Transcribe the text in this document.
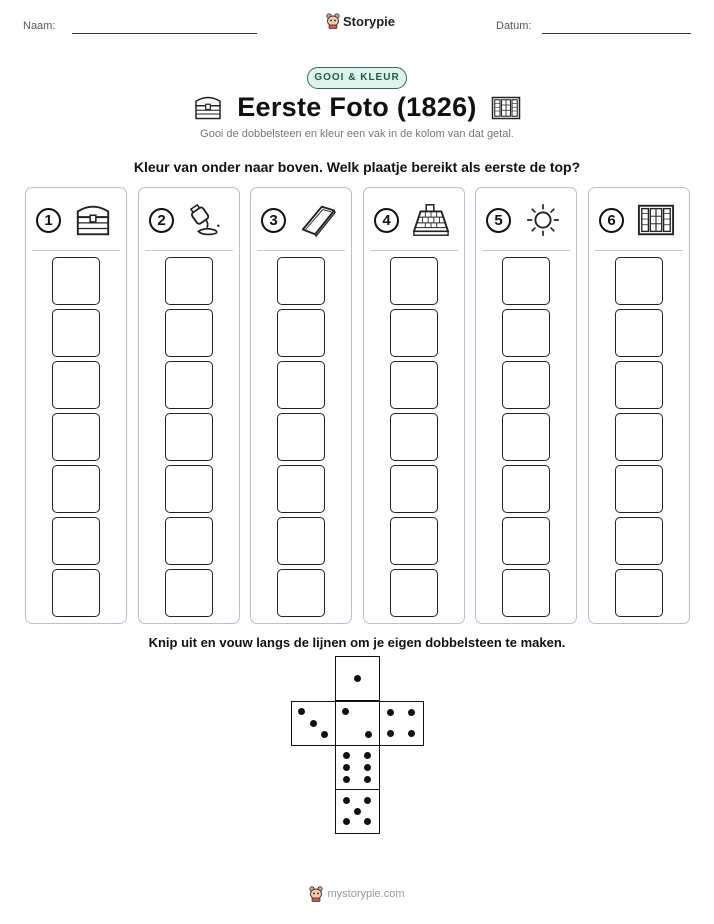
Naam:	Storypie	Datum:
GOOI & KLEUR
Eerste Foto (1826)
Gooi de dobbelsteen en kleur een vak in de kolom van dat getal.
Kleur van onder naar boven. Welk plaatje bereikt als eerste de top?
1	2	3	4	5	6
Knip uit en vouw langs de lijnen om je eigen dobbelsteen te maken.
mystorypie.com
